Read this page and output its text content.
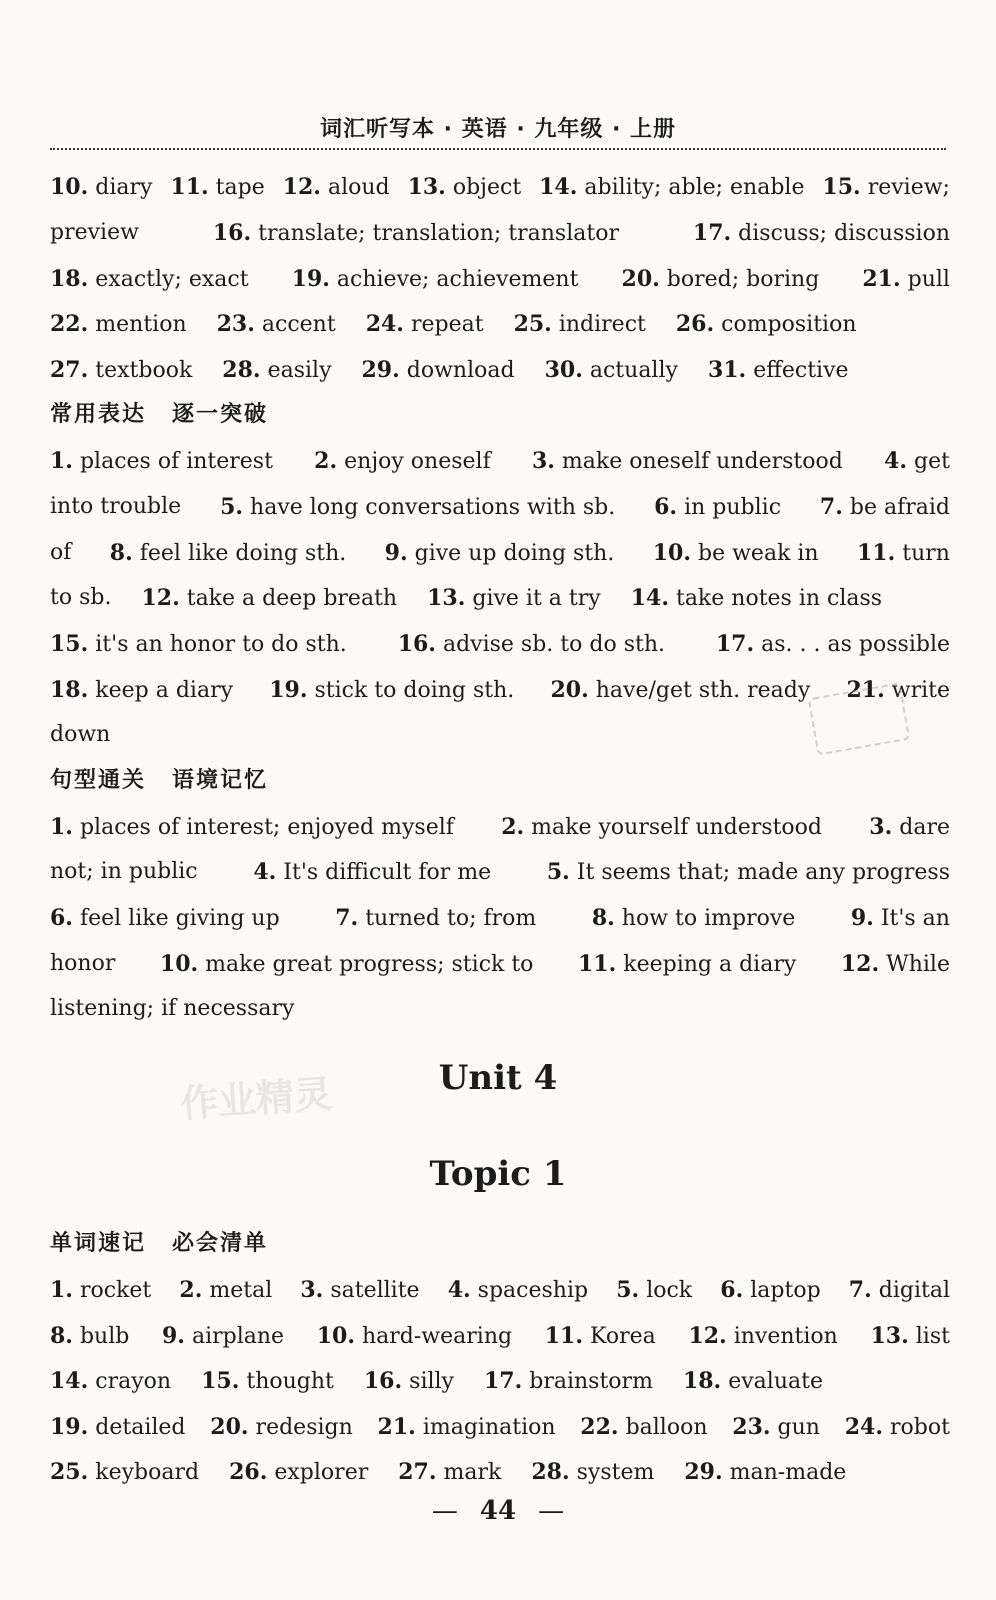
词汇听写本 · 英语 · 九年级 · 上册
10. diary 11. tape 12. aloud 13. object 14. ability; able; enable 15. review;
preview	16. translate; translation; translator	17. discuss; discussion
18. exactly; exact 19. achieve; achievement 20. bored; boring 21. pull
22. mention 23. accent 24. repeat 25. indirect 26. composition
27. textbook 28. easily 29. download 30. actually 31. effective
常用表达 逐一突破
1. places of interest 2. enjoy oneself 3. make oneself understood 4. get
into trouble 5. have long conversations with sb. 6. in public 7. be afraid
of 8. feel like doing sth. 9. give up doing sth. 10. be weak in 11. turn
to sb. 12. take a deep breath 13. give it a try 14. take notes in class
15. it's an honor to do sth. 16. advise sb. to do sth. 17. as. . . as possible
18. keep a diary 19. stick to doing sth. 20. have/get sth. ready 21. write
down
句型通关 语境记忆
1. places of interest; enjoyed myself 2. make yourself understood 3. dare
not; in public	4. It's difficult for me	5. It seems that; made any progress
6. feel like giving up	7. turned to; from	8. how to improve	9. It's an
honor 10. make great progress; stick to 11. keeping a diary 12. While
listening; if necessary
单词速记 必会清单
1. rocket 2. metal 3. satellite 4. spaceship 5. lock 6. laptop 7. digital
8. bulb 9. airplane 10. hard-wearing 11. Korea 12. invention 13. list
14. crayon 15. thought 16. silly 17. brainstorm 18. evaluate
19. detailed 20. redesign 21. imagination 22. balloon 23. gun 24. robot
25. keyboard 26. explorer 27. mark 28. system 29. man-made
作业精灵	Unit 4
Topic 1
— 44 —
